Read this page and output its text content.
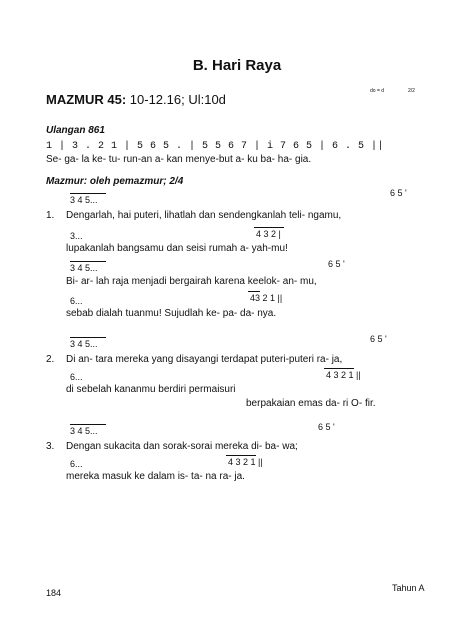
B. Hari Raya
MAZMUR 45: 10-12.16; Ul:10d
do = d	2/2
Ulangan 861
1 | 3 . 2 1 | 5 6 5 . | 5 5 6 7 | i 7 6 5 | 6 . 5 ||
Se- ga- la ke- tu- run-an a- kan menye-but a- ku ba- ha- gia.
Mazmur: oleh pemazmur; 2/4
1.
3 4 5...
6 5 '
Dengarlah, hai puteri, lihatlah dan sendengkanlah teli- ngamu,
3...	4 3 2 |
lupakanlah bangsamu dan seisi rumah a- yah-mu!
3 4 5...	6 5 '
Bi- ar- lah raja menjadi bergairah karena keelok- an- mu,
6...	43 2 1 ||
sebab dialah tuanmu! Sujudlah ke- pa- da- nya.
2.
3 4 5...	6 5 '
Di an- tara mereka yang disayangi terdapat puteri-puteri ra- ja,
6...	4 3 2 1 ||
di sebelah kananmu berdiri permaisuri
berpakaian emas da- ri O- fir.
3.
3 4 5...	6 5 '
Dengan sukacita dan sorak-sorai mereka di- ba- wa;
6...	4 3 2 1 ||
mereka masuk ke dalam is- ta- na ra- ja.
184	Tahun A
